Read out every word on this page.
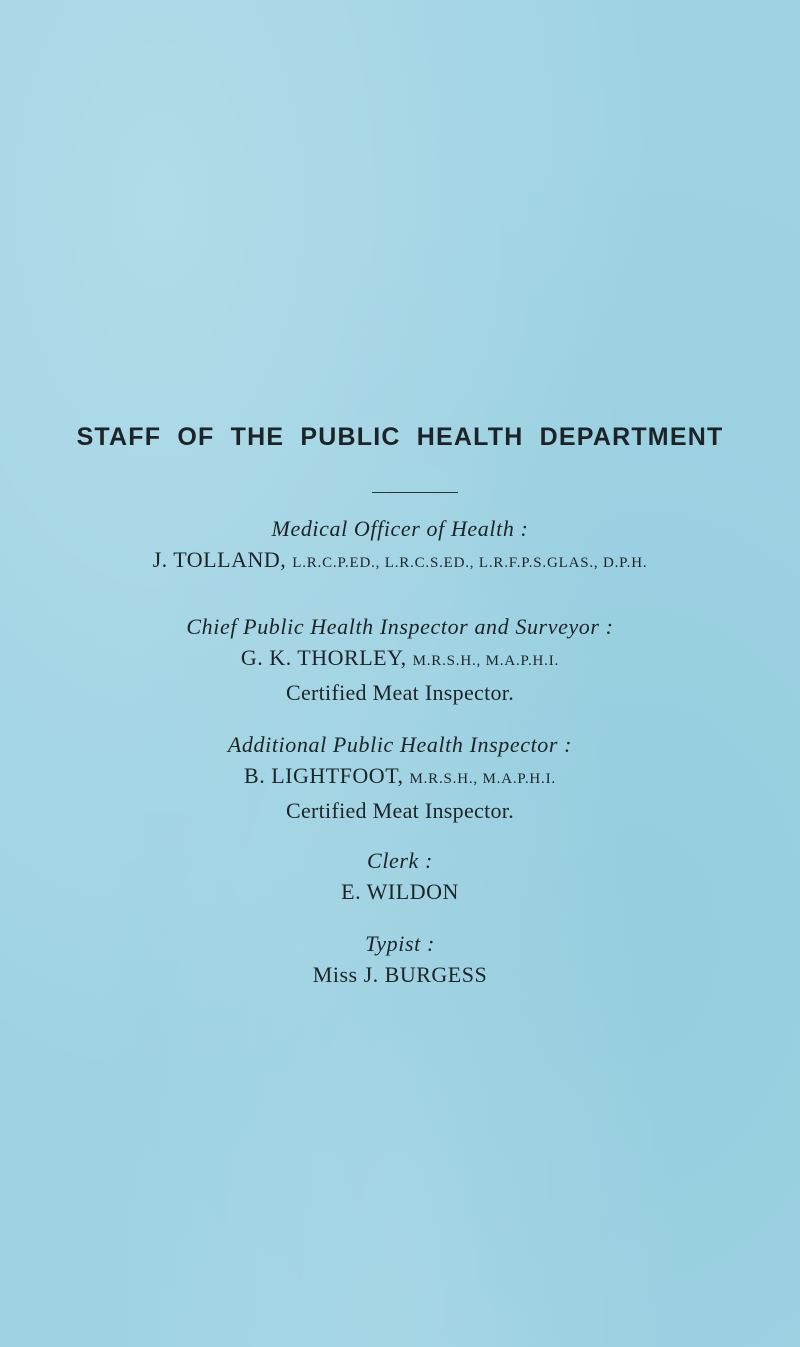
STAFF OF THE PUBLIC HEALTH DEPARTMENT

Medical Officer of Health :

J. TOLLAND, L.R.C.P.ED., L.R.C.S.ED., L.R.F.P.S.GLAS., D.P.H.

Chief Public Health Inspector and Surveyor :

G. K. THORLEY, M.R.S.H., M.A.P.H.I.

Certified Meat Inspector.

Additional Public Health Inspector :

B. LIGHTFOOT, M.R.S.H., M.A.P.H.I.

Certified Meat Inspector.

Clerk :

E. WILDON

Typist :

Miss J. BURGESS
